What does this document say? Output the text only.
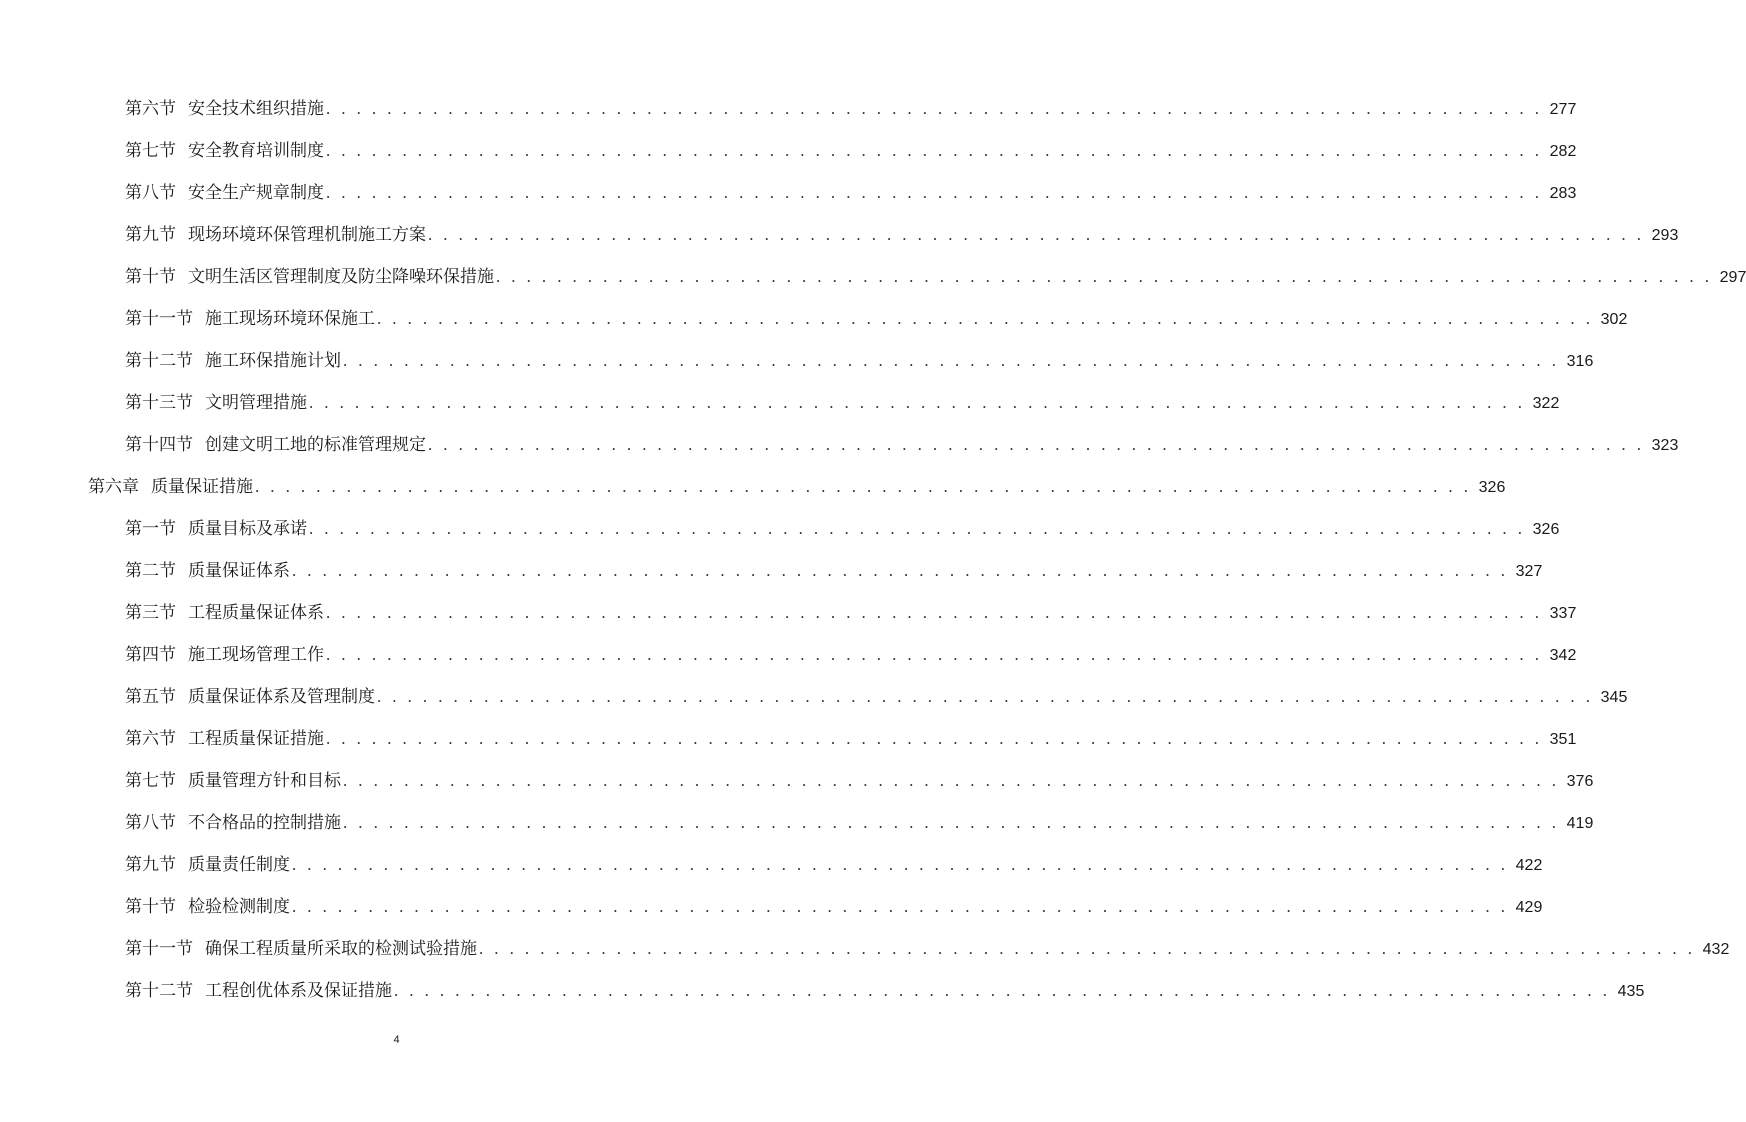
第六节 安全技术组织措施 . . . . . . . . . . . . . . . . . . . . . . . . . . . . . . . . . . . . . . . . . . . . . . . . . . . . . . . . . . . . . . . . . . . . . . . . . . . . . . . . 277
第七节 安全教育培训制度 . . . . . . . . . . . . . . . . . . . . . . . . . . . . . . . . . . . . . . . . . . . . . . . . . . . . . . . . . . . . . . . . . . . . . . . . . . . . . . . . 282
第八节 安全生产规章制度 . . . . . . . . . . . . . . . . . . . . . . . . . . . . . . . . . . . . . . . . . . . . . . . . . . . . . . . . . . . . . . . . . . . . . . . . . . . . . . . . 283
第九节 现场环境环保管理机制施工方案 . . . . . . . . . . . . . . . . . . . . . . . . . . . . . . . . . . . . . . . . . . . . . . . . . . . . . . . . . . . . . . . . . . . . . . . . . . . . . . . . 293
第十节 文明生活区管理制度及防尘降噪环保措施 . . . . . . . . . . . . . . . . . . . . . . . . . . . . . . . . . . . . . . . . . . . . . . . . . . . . . . . . . . . . . . . . . . . . . . . . . . . . . . . . 297
第十一节 施工现场环境环保施工 . . . . . . . . . . . . . . . . . . . . . . . . . . . . . . . . . . . . . . . . . . . . . . . . . . . . . . . . . . . . . . . . . . . . . . . . . . . . . . . . 302
第十二节 施工环保措施计划 . . . . . . . . . . . . . . . . . . . . . . . . . . . . . . . . . . . . . . . . . . . . . . . . . . . . . . . . . . . . . . . . . . . . . . . . . . . . . . . . 316
第十三节 文明管理措施 . . . . . . . . . . . . . . . . . . . . . . . . . . . . . . . . . . . . . . . . . . . . . . . . . . . . . . . . . . . . . . . . . . . . . . . . . . . . . . . . 322
第十四节 创建文明工地的标准管理规定 . . . . . . . . . . . . . . . . . . . . . . . . . . . . . . . . . . . . . . . . . . . . . . . . . . . . . . . . . . . . . . . . . . . . . . . . . . . . . . . . 323
第六章 质量保证措施 . . . . . . . . . . . . . . . . . . . . . . . . . . . . . . . . . . . . . . . . . . . . . . . . . . . . . . . . . . . . . . . . . . . . . . . . . . . . . . . . 326
第一节 质量目标及承诺 . . . . . . . . . . . . . . . . . . . . . . . . . . . . . . . . . . . . . . . . . . . . . . . . . . . . . . . . . . . . . . . . . . . . . . . . . . . . . . . . 326
第二节 质量保证体系 . . . . . . . . . . . . . . . . . . . . . . . . . . . . . . . . . . . . . . . . . . . . . . . . . . . . . . . . . . . . . . . . . . . . . . . . . . . . . . . . 327
第三节 工程质量保证体系 . . . . . . . . . . . . . . . . . . . . . . . . . . . . . . . . . . . . . . . . . . . . . . . . . . . . . . . . . . . . . . . . . . . . . . . . . . . . . . . . 337
第四节 施工现场管理工作 . . . . . . . . . . . . . . . . . . . . . . . . . . . . . . . . . . . . . . . . . . . . . . . . . . . . . . . . . . . . . . . . . . . . . . . . . . . . . . . . 342
第五节 质量保证体系及管理制度 . . . . . . . . . . . . . . . . . . . . . . . . . . . . . . . . . . . . . . . . . . . . . . . . . . . . . . . . . . . . . . . . . . . . . . . . . . . . . . . . 345
第六节 工程质量保证措施 . . . . . . . . . . . . . . . . . . . . . . . . . . . . . . . . . . . . . . . . . . . . . . . . . . . . . . . . . . . . . . . . . . . . . . . . . . . . . . . . 351
第七节 质量管理方针和目标 . . . . . . . . . . . . . . . . . . . . . . . . . . . . . . . . . . . . . . . . . . . . . . . . . . . . . . . . . . . . . . . . . . . . . . . . . . . . . . . . 376
第八节 不合格品的控制措施 . . . . . . . . . . . . . . . . . . . . . . . . . . . . . . . . . . . . . . . . . . . . . . . . . . . . . . . . . . . . . . . . . . . . . . . . . . . . . . . . 419
第九节 质量责任制度 . . . . . . . . . . . . . . . . . . . . . . . . . . . . . . . . . . . . . . . . . . . . . . . . . . . . . . . . . . . . . . . . . . . . . . . . . . . . . . . . 422
第十节 检验检测制度 . . . . . . . . . . . . . . . . . . . . . . . . . . . . . . . . . . . . . . . . . . . . . . . . . . . . . . . . . . . . . . . . . . . . . . . . . . . . . . . . 429
第十一节 确保工程质量所采取的检测试验措施 . . . . . . . . . . . . . . . . . . . . . . . . . . . . . . . . . . . . . . . . . . . . . . . . . . . . . . . . . . . . . . . . . . . . . . . . . . . . . . . . 432
第十二节 工程创优体系及保证措施 . . . . . . . . . . . . . . . . . . . . . . . . . . . . . . . . . . . . . . . . . . . . . . . . . . . . . . . . . . . . . . . . . . . . . . . . . . . . . . . . 435
4
